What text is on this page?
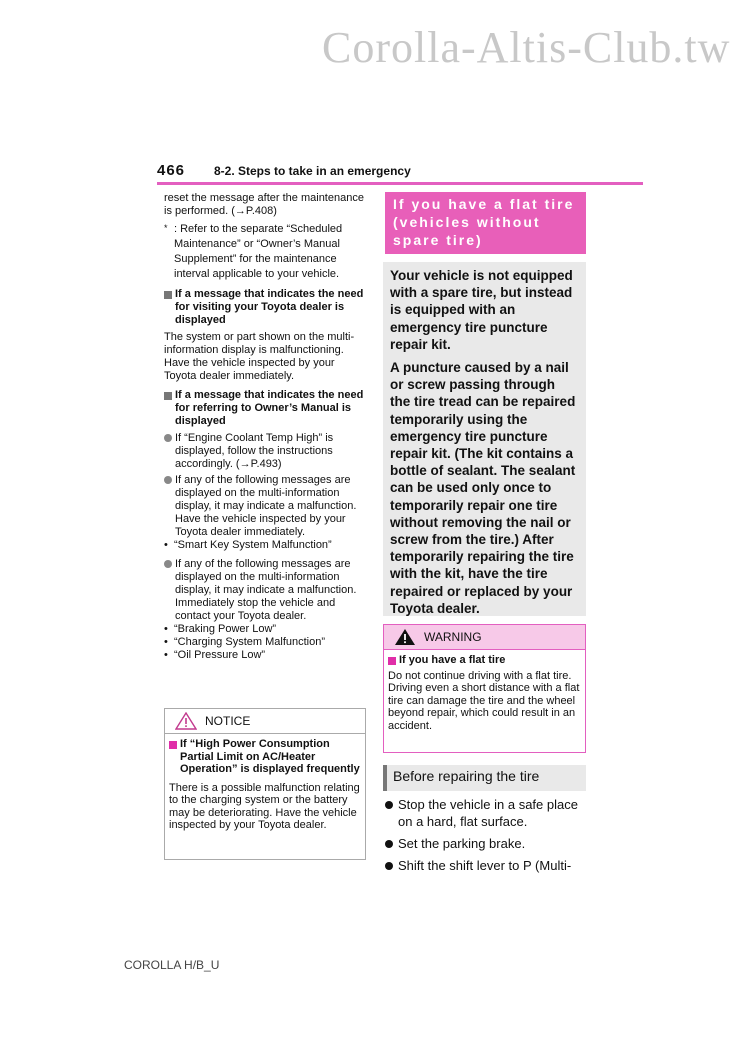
Corolla-Altis-Club.tw
466 8-2. Steps to take in an emergency

reset the message after the maintenance is performed. (→P.408)

* : Refer to the separate “Scheduled Maintenance” or “Owner’s Manual Supplement” for the maintenance interval applicable to your vehicle.
If a message that indicates the need for visiting your Toyota dealer is displayed

The system or part shown on the multi-information display is malfunctioning. Have the vehicle inspected by your Toyota dealer immediately.

If a message that indicates the need for referring to Owner’s Manual is displayed
If “Engine Coolant Temp High” is displayed, follow the instructions accordingly. (→P.493)
If any of the following messages are displayed on the multi-information display, it may indicate a malfunction. Have the vehicle inspected by your Toyota dealer immediately.
• “Smart Key System Malfunction”
If any of the following messages are displayed on the multi-information display, it may indicate a malfunction. Immediately stop the vehicle and contact your Toyota dealer.
• “Braking Power Low”
• “Charging System Malfunction”
• “Oil Pressure Low”
NOTICE
If “High Power Consumption Partial Limit on AC/Heater Operation” is displayed frequently

There is a possible malfunction relating to the charging system or the battery may be deteriorating. Have the vehicle inspected by your Toyota dealer.

If you have a flat tire (vehicles without spare tire)

Your vehicle is not equipped with a spare tire, but instead is equipped with an emergency tire puncture repair kit.

A puncture caused by a nail or screw passing through the tire tread can be repaired temporarily using the emergency tire puncture repair kit. (The kit contains a bottle of sealant. The sealant can be used only once to temporarily repair one tire without removing the nail or screw from the tire.) After temporarily repairing the tire with the kit, have the tire repaired or replaced by your Toyota dealer.

WARNING
If you have a flat tire

Do not continue driving with a flat tire. Driving even a short distance with a flat tire can damage the tire and the wheel beyond repair, which could result in an accident.

Before repairing the tire
Stop the vehicle in a safe place on a hard, flat surface.
Set the parking brake.
Shift the shift lever to P (Multi-
COROLLA H/B_U
